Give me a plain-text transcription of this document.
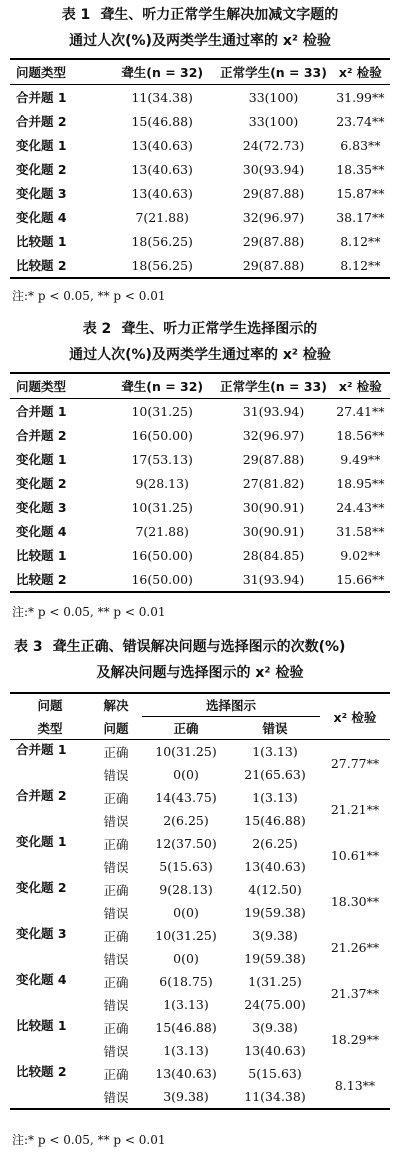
表 1 聋生、听力正常学生解决加减文字题的
通过人次(%)及两类学生通过率的 x² 检验
问题类型	聋生(n = 32)	正常学生(n = 33)	x² 检验
合并题 1	11(34.38)	33(100)	31.99**
合并题 2	15(46.88)	33(100)	23.74**
变化题 1	13(40.63)	24(72.73)	6.83**
变化题 2	13(40.63)	30(93.94)	18.35**
变化题 3	13(40.63)	29(87.88)	15.87**
变化题 4	7(21.88)	32(96.97)	38.17**
比较题 1	18(56.25)	29(87.88)	8.12**
比较题 2	18(56.25)	29(87.88)	8.12**
注:* p < 0.05, ** p < 0.01
表 2 聋生、听力正常学生选择图示的
通过人次(%)及两类学生通过率的 x² 检验
问题类型	聋生(n = 32)	正常学生(n = 33)	x² 检验
合并题 1	10(31.25)	31(93.94)	27.41**
合并题 2	16(50.00)	32(96.97)	18.56**
变化题 1	17(53.13)	29(87.88)	9.49**
变化题 2	9(28.13)	27(81.82)	18.95**
变化题 3	10(31.25)	30(90.91)	24.43**
变化题 4	7(21.88)	30(90.91)	31.58**
比较题 1	16(50.00)	28(84.85)	9.02**
比较题 2	16(50.00)	31(93.94)	15.66**
注:* p < 0.05, ** p < 0.01
表 3 聋生正确、错误解决问题与选择图示的次数(%)
及解决问题与选择图示的 x² 检验
问题	解决	选择图示		x² 检验
类型	问题	正确	错误	
合并题 1	正确	10(31.25)	1(3.13)	27.77**
	错误	0(0)	21(65.63)	
合并题 2	正确	14(43.75)	1(3.13)	21.21**
	错误	2(6.25)	15(46.88)	
变化题 1	正确	12(37.50)	2(6.25)	10.61**
	错误	5(15.63)	13(40.63)	
变化题 2	正确	9(28.13)	4(12.50)	18.30**
	错误	0(0)	19(59.38)	
变化题 3	正确	10(31.25)	3(9.38)	21.26**
	错误	0(0)	19(59.38)	
变化题 4	正确	6(18.75)	1(31.25)	21.37**
	错误	1(3.13)	24(75.00)	
比较题 1	正确	15(46.88)	3(9.38)	18.29**
	错误	1(3.13)	13(40.63)	
比较题 2	正确	13(40.63)	5(15.63)	8.13**
	错误	3(9.38)	11(34.38)	
注:* p < 0.05, ** p < 0.01
